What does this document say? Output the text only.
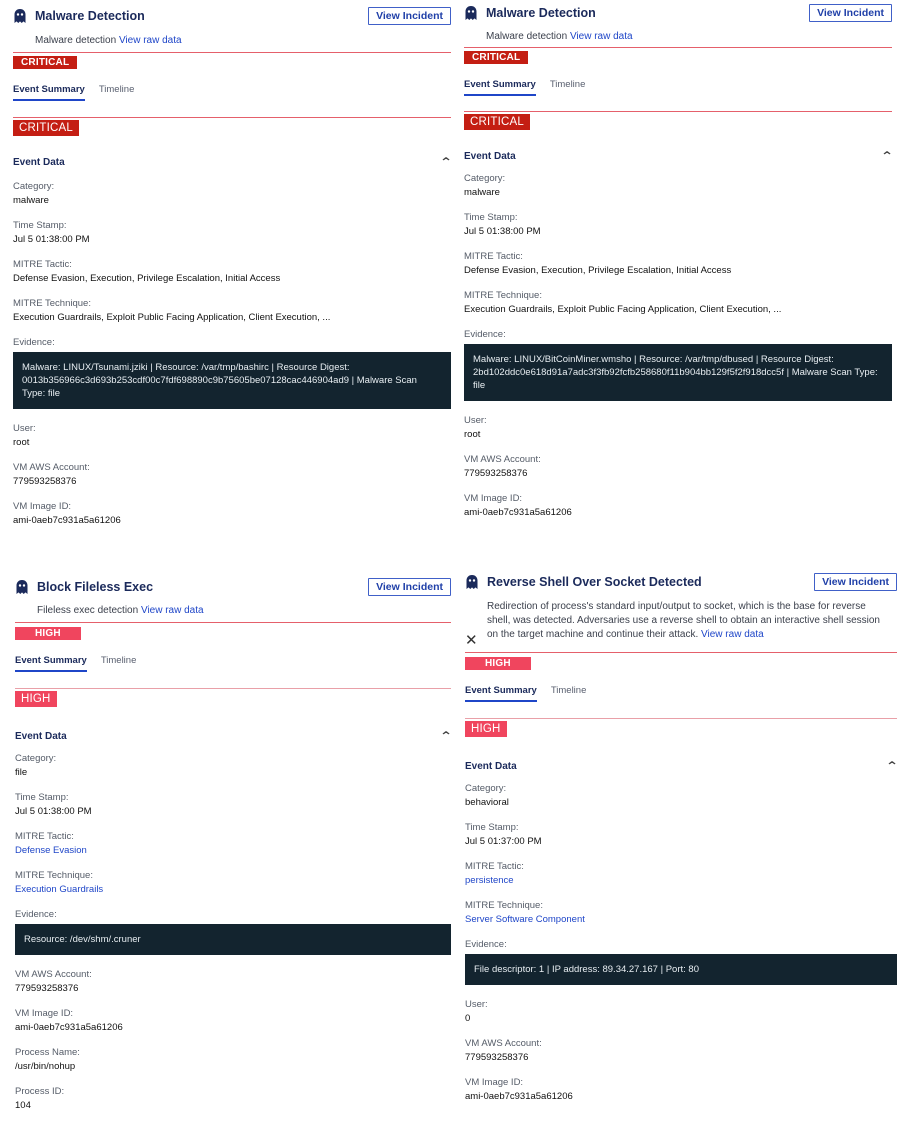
Malware Detection	View Incident
Malware detection View raw data
CRITICAL
Event Summary Timeline
CRITICAL
Event Data	⌃
Category:
malware
Time Stamp:
Jul 5 01:38:00 PM
MITRE Tactic:
Defense Evasion, Execution, Privilege Escalation, Initial Access
MITRE Technique:
Execution Guardrails, Exploit Public Facing Application, Client Execution, ...
Evidence:
Malware: LINUX/Tsunami.jziki | Resource: /var/tmp/bashirc | Resource Digest: 0013b356966c3d693b253cdf00c7fdf698890c9b75605be07128cac446904ad9 | Malware Scan Type: file
User:
root
VM AWS Account:
779593258376
VM Image ID:
ami-0aeb7c931a5a61206
Malware Detection	View Incident
Malware detection View raw data
CRITICAL
Event Summary Timeline
CRITICAL
Event Data	⌃
Category:
malware
Time Stamp:
Jul 5 01:38:00 PM
MITRE Tactic:
Defense Evasion, Execution, Privilege Escalation, Initial Access
MITRE Technique:
Execution Guardrails, Exploit Public Facing Application, Client Execution, ...
Evidence:
Malware: LINUX/BitCoinMiner.wmsho | Resource: /var/tmp/dbused | Resource Digest: 2bd102ddc0e618d91a7adc3f3fb92fcfb258680f11b904bb129f5f2f918dcc5f | Malware Scan Type: file
User:
root
VM AWS Account:
779593258376
VM Image ID:
ami-0aeb7c931a5a61206
Block Fileless Exec	View Incident
Fileless exec detection View raw data
HIGH
Event Summary Timeline
HIGH
Event Data	⌃
Category:
file
Time Stamp:
Jul 5 01:38:00 PM
MITRE Tactic:
Defense Evasion
MITRE Technique:
Execution Guardrails
Evidence:
Resource: /dev/shm/.cruner
VM AWS Account:
779593258376
VM Image ID:
ami-0aeb7c931a5a61206
Process Name:
/usr/bin/nohup
Process ID:
104
Reverse Shell Over Socket Detected	View Incident
Redirection of process's standard input/output to socket, which is the base for reverse shell, was detected. Adversaries use a reverse shell to obtain an interactive shell session on the target machine and continue their attack. View raw data
✕
HIGH
Event Summary Timeline
HIGH
Event Data	⌃
Category:
behavioral
Time Stamp:
Jul 5 01:37:00 PM
MITRE Tactic:
persistence
MITRE Technique:
Server Software Component
Evidence:
File descriptor: 1 | IP address: 89.34.27.167 | Port: 80
User:
0
VM AWS Account:
779593258376
VM Image ID:
ami-0aeb7c931a5a61206
